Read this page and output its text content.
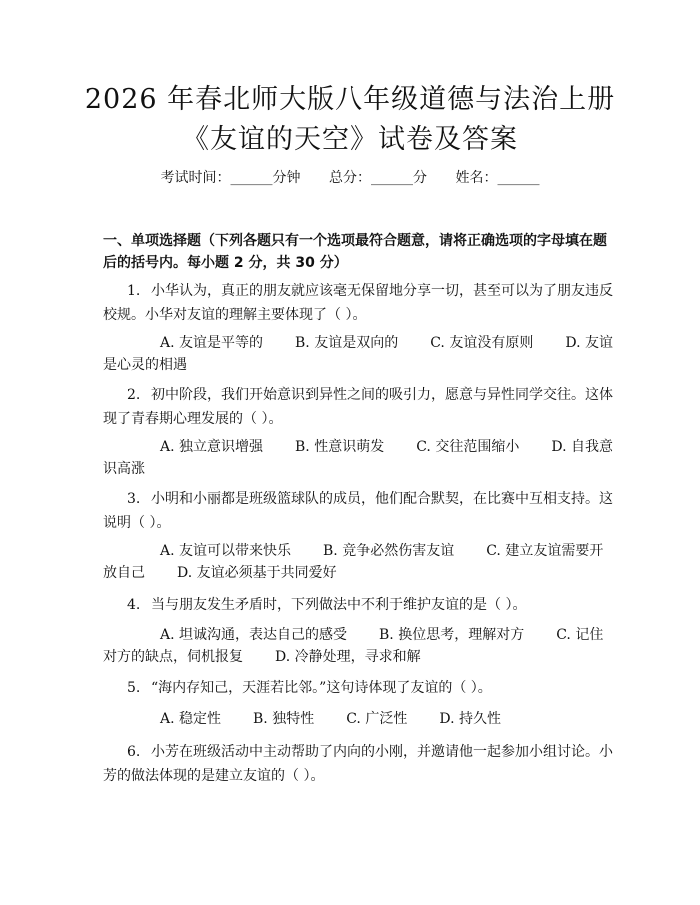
2026 年春北师大版八年级道德与法治上册
《友谊的天空》试卷及答案
考试时间：______分钟 总分：______分 姓名：______
一、单项选择题（下列各题只有一个选项最符合题意，请将正确选项的字母填在题后的括号内。每小题 2 分，共 30 分）
1. 小华认为，真正的朋友就应该毫无保留地分享一切，甚至可以为了朋友违反校规。小华对友谊的理解主要体现了（ ）。
A. 友谊是平等的 B. 友谊是双向的 C. 友谊没有原则 D. 友谊是心灵的相遇
2. 初中阶段，我们开始意识到异性之间的吸引力，愿意与异性同学交往。这体现了青春期心理发展的（ ）。
A. 独立意识增强 B. 性意识萌发 C. 交往范围缩小 D. 自我意识高涨
3. 小明和小丽都是班级篮球队的成员，他们配合默契，在比赛中互相支持。这说明（ ）。
A. 友谊可以带来快乐 B. 竞争必然伤害友谊 C. 建立友谊需要开放自己 D. 友谊必须基于共同爱好
4. 当与朋友发生矛盾时，下列做法中不利于维护友谊的是（ ）。
A. 坦诚沟通，表达自己的感受 B. 换位思考，理解对方 C. 记住对方的缺点，伺机报复 D. 冷静处理，寻求和解
5. “海内存知己，天涯若比邻。”这句诗体现了友谊的（ ）。
A. 稳定性 B. 独特性 C. 广泛性 D. 持久性
6. 小芳在班级活动中主动帮助了内向的小刚，并邀请他一起参加小组讨论。小芳的做法体现的是建立友谊的（ ）。
